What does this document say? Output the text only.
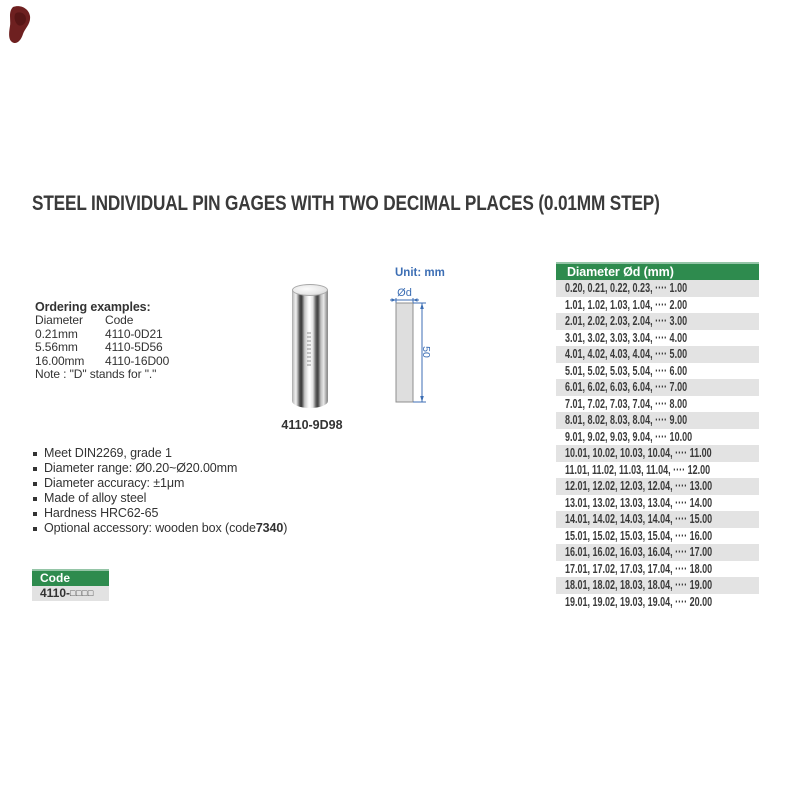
STEEL INDIVIDUAL PIN GAGES WITH TWO DECIMAL PLACES (0.01MM STEP)
Ordering examples:
Diameter	Code
0.21mm	4110-0D21
5.56mm	4110-5D56
16.00mm	4110-16D00
Note : "D" stands for "."
4110-9D98
Unit: mm
Ød
50
Meet DIN2269, grade 1
Diameter range: Ø0.20~Ø20.00mm
Diameter accuracy: ±1μm
Made of alloy steel
Hardness HRC62-65
Optional accessory: wooden box (code 7340 )
Code
4110-□□□□
Diameter Ød (mm)
0.20, 0.21, 0.22, 0.23, ···· 1.00
1.01, 1.02, 1.03, 1.04, ···· 2.00
2.01, 2.02, 2.03, 2.04, ···· 3.00
3.01, 3.02, 3.03, 3.04, ···· 4.00
4.01, 4.02, 4.03, 4.04, ···· 5.00
5.01, 5.02, 5.03, 5.04, ···· 6.00
6.01, 6.02, 6.03, 6.04, ···· 7.00
7.01, 7.02, 7.03, 7.04, ···· 8.00
8.01, 8.02, 8.03, 8.04, ···· 9.00
9.01, 9.02, 9.03, 9.04, ···· 10.00
10.01, 10.02, 10.03, 10.04, ···· 11.00
11.01, 11.02, 11.03, 11.04, ···· 12.00
12.01, 12.02, 12.03, 12.04, ···· 13.00
13.01, 13.02, 13.03, 13.04, ···· 14.00
14.01, 14.02, 14.03, 14.04, ···· 15.00
15.01, 15.02, 15.03, 15.04, ···· 16.00
16.01, 16.02, 16.03, 16.04, ···· 17.00
17.01, 17.02, 17.03, 17.04, ···· 18.00
18.01, 18.02, 18.03, 18.04, ···· 19.00
19.01, 19.02, 19.03, 19.04, ···· 20.00
